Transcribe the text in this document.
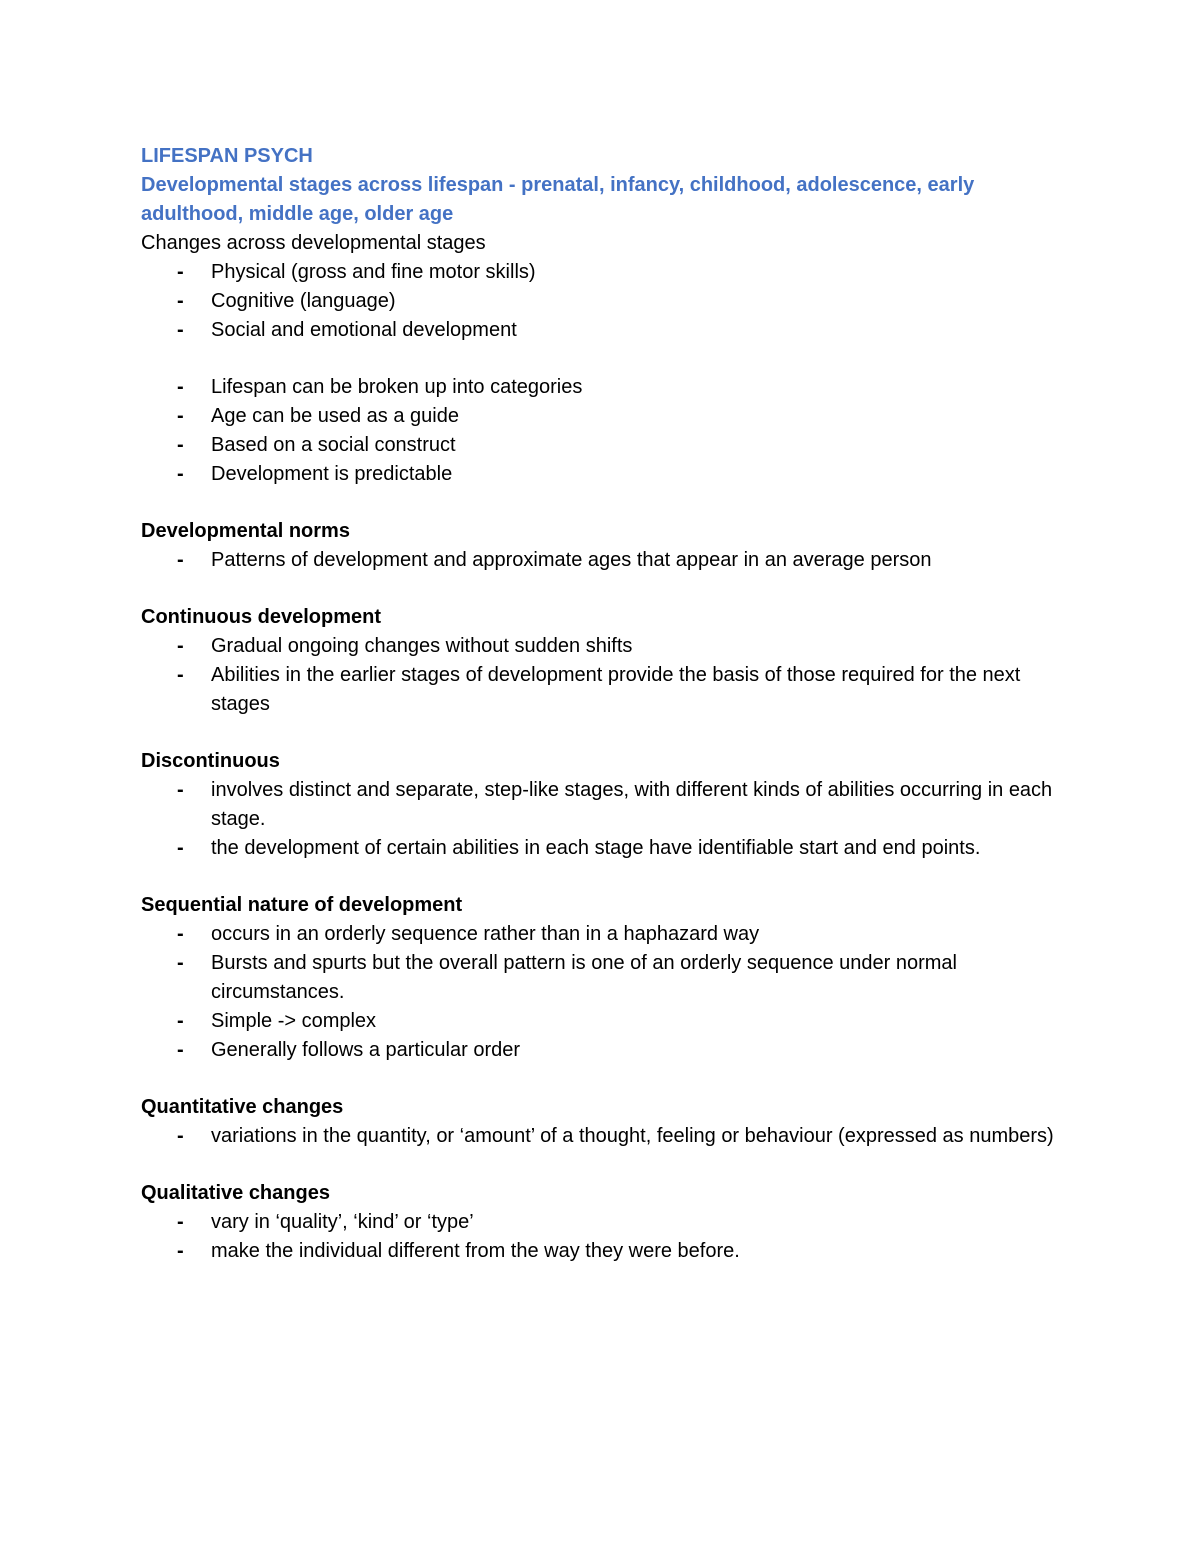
LIFESPAN PSYCH

Developmental stages across lifespan - prenatal, infancy, childhood, adolescence, early adulthood, middle age, older age

Changes across developmental stages

- Physical (gross and fine motor skills)
- Cognitive (language)
- Social and emotional development
- Lifespan can be broken up into categories
- Age can be used as a guide
- Based on a social construct
- Development is predictable

Developmental norms

- Patterns of development and approximate ages that appear in an average person

Continuous development

- Gradual ongoing changes without sudden shifts
- Abilities in the earlier stages of development provide the basis of those required for the next stages

Discontinuous

- involves distinct and separate, step-like stages, with different kinds of abilities occurring in each stage.
- the development of certain abilities in each stage have identifiable start and end points.

Sequential nature of development

- occurs in an orderly sequence rather than in a haphazard way
- Bursts and spurts but the overall pattern is one of an orderly sequence under normal circumstances.
- Simple -> complex
- Generally follows a particular order

Quantitative changes

- variations in the quantity, or ‘amount’ of a thought, feeling or behaviour (expressed as numbers)

Qualitative changes

- vary in ‘quality’, ‘kind’ or ‘type’
- make the individual different from the way they were before.
